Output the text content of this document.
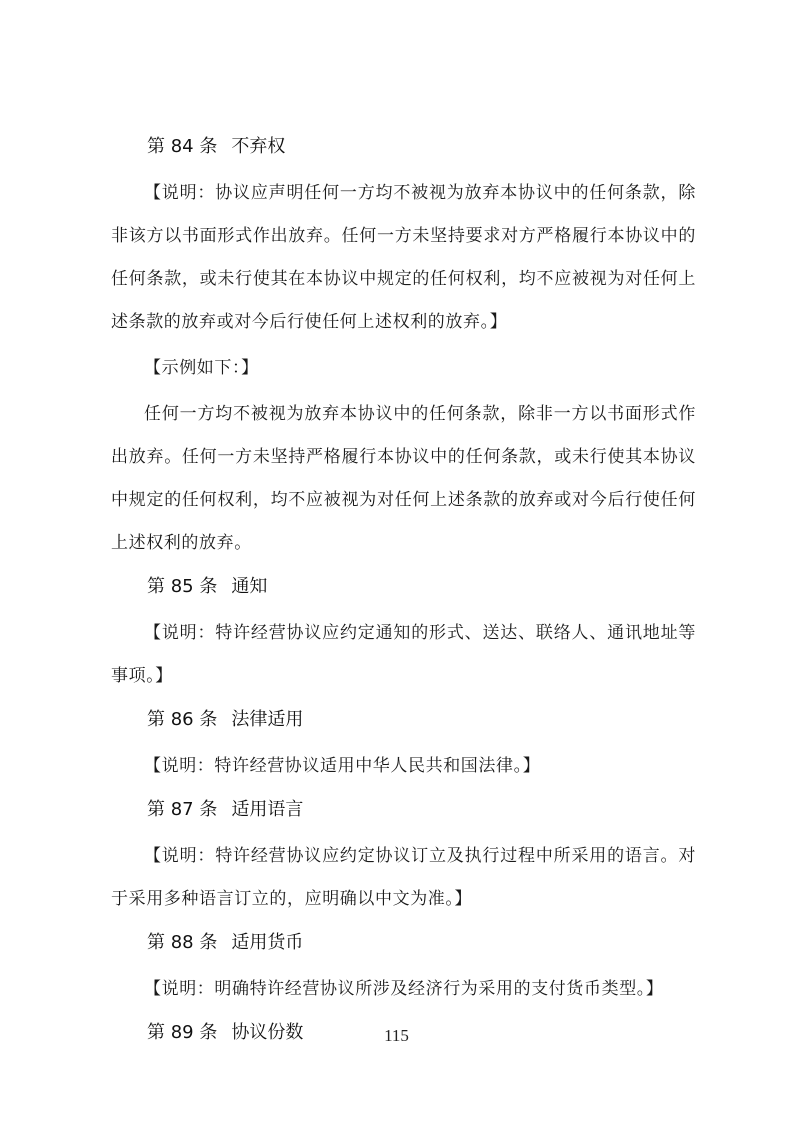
第 84 条 不弃权
【说明：协议应声明任何一方均不被视为放弃本协议中的任何条款，除非该方以书面形式作出放弃。任何一方未坚持要求对方严格履行本协议中的任何条款，或未行使其在本协议中规定的任何权利，均不应被视为对任何上述条款的放弃或对今后行使任何上述权利的放弃。】
【示例如下：】
任何一方均不被视为放弃本协议中的任何条款，除非一方以书面形式作出放弃。任何一方未坚持严格履行本协议中的任何条款，或未行使其本协议中规定的任何权利，均不应被视为对任何上述条款的放弃或对今后行使任何上述权利的放弃。
第 85 条 通知
【说明：特许经营协议应约定通知的形式、送达、联络人、通讯地址等事项。】
第 86 条 法律适用
【说明：特许经营协议适用中华人民共和国法律。】
第 87 条 适用语言
【说明：特许经营协议应约定协议订立及执行过程中所采用的语言。对于采用多种语言订立的，应明确以中文为准。】
第 88 条 适用货币
【说明：明确特许经营协议所涉及经济行为采用的支付货币类型。】
第 89 条 协议份数	115
